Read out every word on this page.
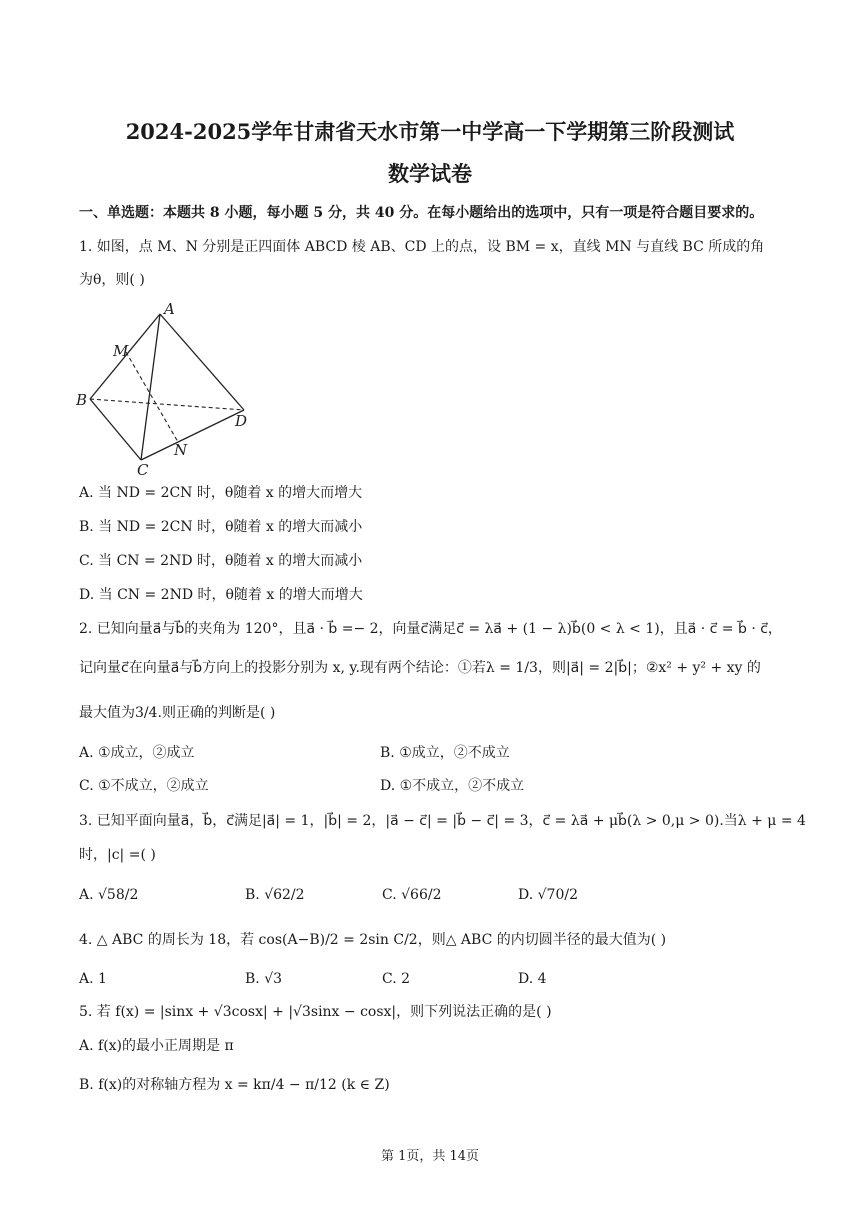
2024-2025学年甘肃省天水市第一中学高一下学期第三阶段测试
数学试卷
一、单选题：本题共 8 小题，每小题 5 分，共 40 分。在每小题给出的选项中，只有一项是符合题目要求的。
1. 如图，点 M、N 分别是正四面体 ABCD 棱 AB、CD 上的点，设 BM = x，直线 MN 与直线 BC 所成的角
为θ，则( )
A
B
C
D
M
N
A. 当 ND = 2CN 时，θ随着 x 的增大而增大
B. 当 ND = 2CN 时，θ随着 x 的增大而减小
C. 当 CN = 2ND 时，θ随着 x 的增大而减小
D. 当 CN = 2ND 时，θ随着 x 的增大而增大
2. 已知向量a⃗与b⃗的夹角为 120°，且a⃗ · b⃗ =− 2，向量c⃗满足c⃗ = λa⃗ + (1 − λ)b⃗(0 < λ < 1)，且a⃗ · c⃗ = b⃗ · c⃗，
记向量c⃗在向量a⃗与b⃗方向上的投影分别为 x, y.现有两个结论：①若λ = 1/3，则|a⃗| = 2|b⃗|；②x² + y² + xy 的
最大值为3/4.则正确的判断是( )
A. ①成立，②成立	B. ①成立，②不成立
C. ①不成立，②成立	D. ①不成立，②不成立
3. 已知平面向量a⃗，b⃗，c⃗满足|a⃗| = 1，|b⃗| = 2，|a⃗ − c⃗| = |b⃗ − c⃗| = 3，c⃗ = λa⃗ + μb⃗(λ > 0,μ > 0).当λ + μ = 4
时，|c| =( )
A. √58/2	B. √62/2	C. √66/2	D. √70/2
4. △ ABC 的周长为 18，若 cos(A−B)/2 = 2sin C/2，则△ ABC 的内切圆半径的最大值为( )
A. 1	B. √3	C. 2	D. 4
5. 若 f(x) = |sinx + √3cosx| + |√3sinx − cosx|，则下列说法正确的是( )
A. f(x)的最小正周期是 π
B. f(x)的对称轴方程为 x = kπ/4 − π/12 (k ∈ Z)
第 1页，共 14页
